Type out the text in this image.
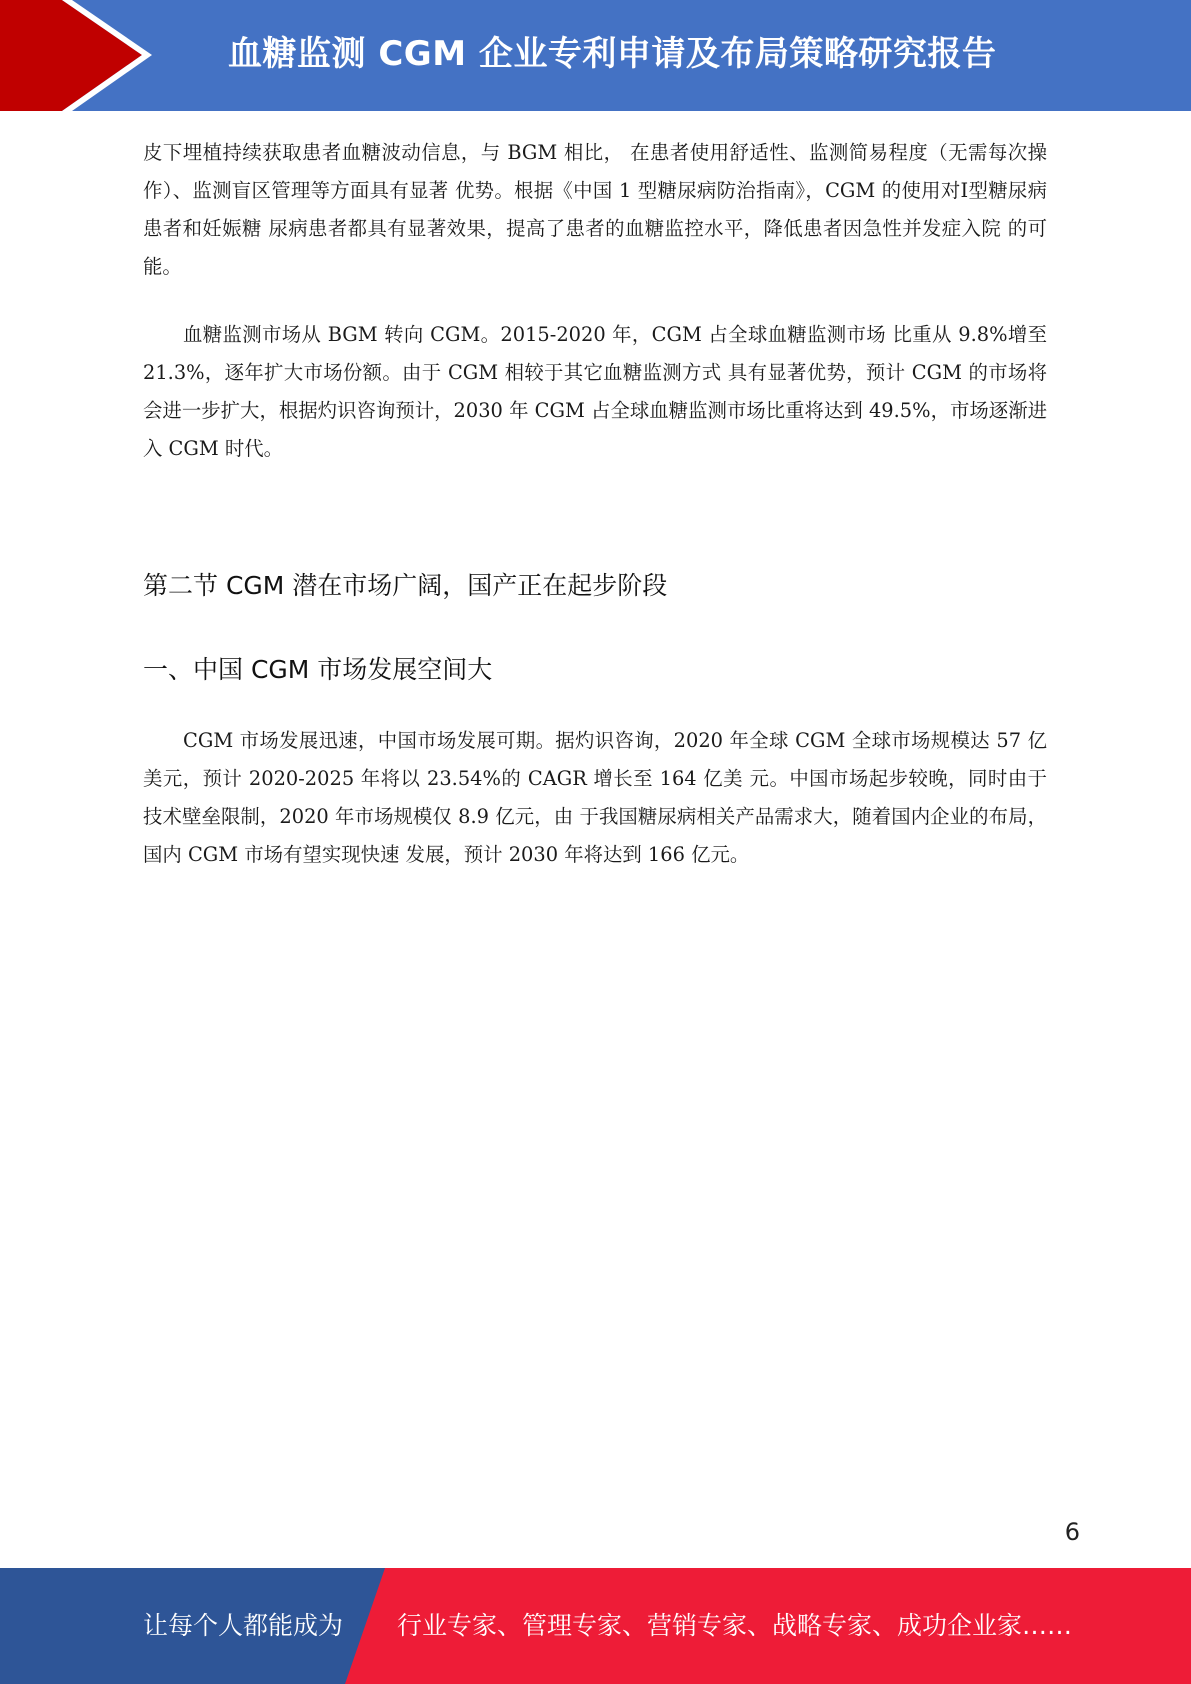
血糖监测 CGM 企业专利申请及布局策略研究报告

皮下埋植持续获取患者血糖波动信息，与 BGM 相比， 在患者使用舒适性、监测简易程度（无需每次操作）、监测盲区管理等方面具有显著 优势。根据《中国 1 型糖尿病防治指南》，CGM 的使用对Ⅰ型糖尿病患者和妊娠糖 尿病患者都具有显著效果，提高了患者的血糖监控水平，降低患者因急性并发症入院 的可能。

血糖监测市场从 BGM 转向 CGM。2015-2020 年，CGM 占全球血糖监测市场 比重从 9.8%增至 21.3%，逐年扩大市场份额。由于 CGM 相较于其它血糖监测方式 具有显著优势，预计 CGM 的市场将会进一步扩大，根据灼识咨询预计，2030 年 CGM 占全球血糖监测市场比重将达到 49.5%，市场逐渐进入 CGM 时代。

第二节 CGM 潜在市场广阔，国产正在起步阶段
一、中国 CGM 市场发展空间大

CGM 市场发展迅速，中国市场发展可期。据灼识咨询，2020 年全球 CGM 全球市场规模达 57 亿美元，预计 2020-2025 年将以 23.54%的 CAGR 增长至 164 亿美 元。中国市场起步较晚，同时由于技术壁垒限制，2020 年市场规模仅 8.9 亿元，由 于我国糖尿病相关产品需求大，随着国内企业的布局，国内 CGM 市场有望实现快速 发展，预计 2030 年将达到 166 亿元。

6
让每个人都能成为 行业专家、管理专家、营销专家、战略专家、成功企业家……
